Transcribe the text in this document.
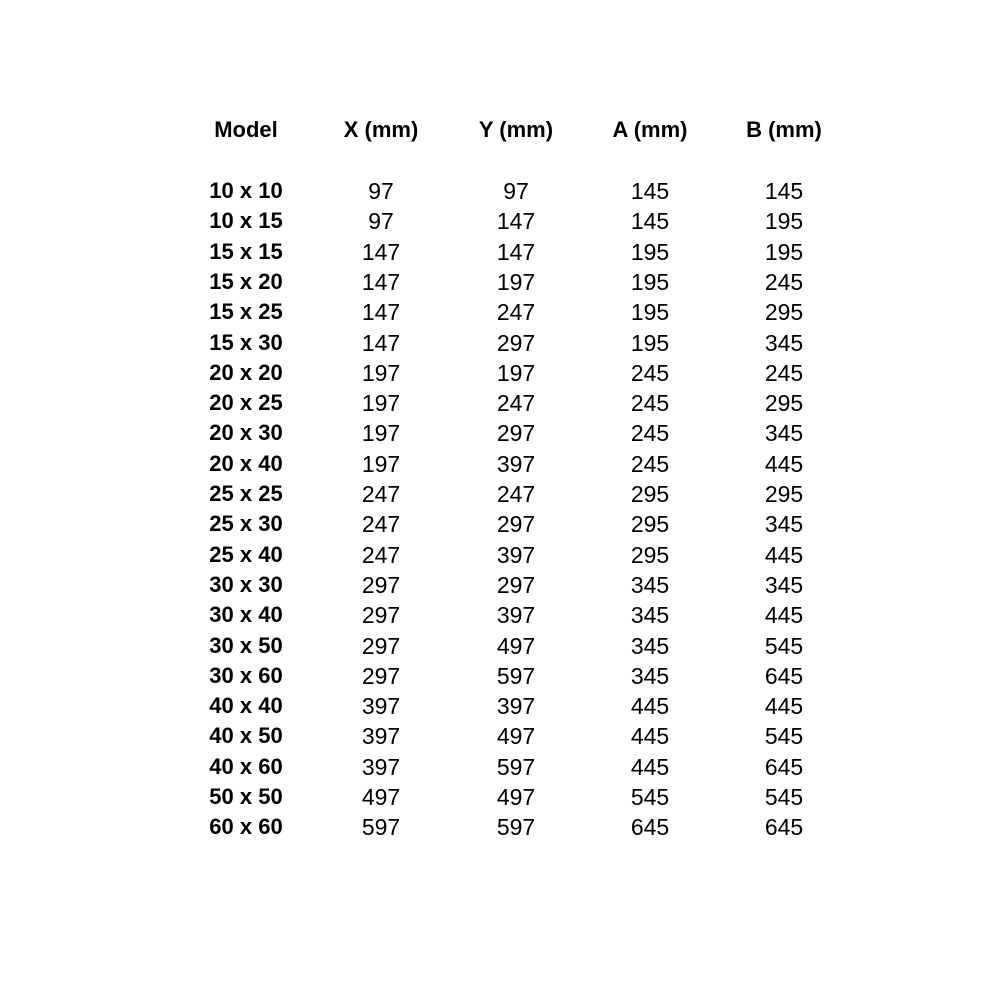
Model	X (mm)	Y (mm)	A (mm)	B (mm)
10 x 10	97	97	145	145
10 x 15	97	147	145	195
15 x 15	147	147	195	195
15 x 20	147	197	195	245
15 x 25	147	247	195	295
15 x 30	147	297	195	345
20 x 20	197	197	245	245
20 x 25	197	247	245	295
20 x 30	197	297	245	345
20 x 40	197	397	245	445
25 x 25	247	247	295	295
25 x 30	247	297	295	345
25 x 40	247	397	295	445
30 x 30	297	297	345	345
30 x 40	297	397	345	445
30 x 50	297	497	345	545
30 x 60	297	597	345	645
40 x 40	397	397	445	445
40 x 50	397	497	445	545
40 x 60	397	597	445	645
50 x 50	497	497	545	545
60 x 60	597	597	645	645
